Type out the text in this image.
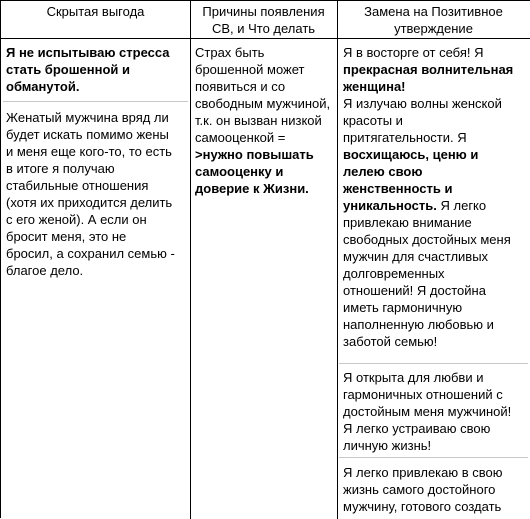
Скрытая выгода	Причины появления

СВ, и Что делать

Замена на Позитивное

утверждение

Я не испытываю стресса

стать брошенной и

обманутой.

Женатый мужчина вряд ли

будет искать помимо жены

и меня еще кого-то, то есть

в итоге я получаю

стабильные отношения

(хотя их приходится делить

с его женой). А если он

бросит меня, это не

бросил, а сохранил семью -

благое дело.

Страх быть

брошенной может

появиться и со

свободным мужчиной,

т.к. он вызван низкой

самооценкой =

>нужно повышать

самооценку и

доверие к Жизни.

Я в восторге от себя! Я

прекрасная волнительная

женщина!

Я излучаю волны женской

красоты и

притягательности. Я

восхищаюсь, ценю и

лелею свою

женственность и

уникальность. Я легко

привлекаю внимание

свободных достойных меня

мужчин для счастливых

долговременных

отношений! Я достойна

иметь гармоничную

наполненную любовью и

заботой семью!

Я открыта для любви и

гармоничных отношений с

достойным меня мужчиной!

Я легко устраиваю свою

личную жизнь!

Я легко привлекаю в свою

жизнь самого достойного

мужчину, готового создать
